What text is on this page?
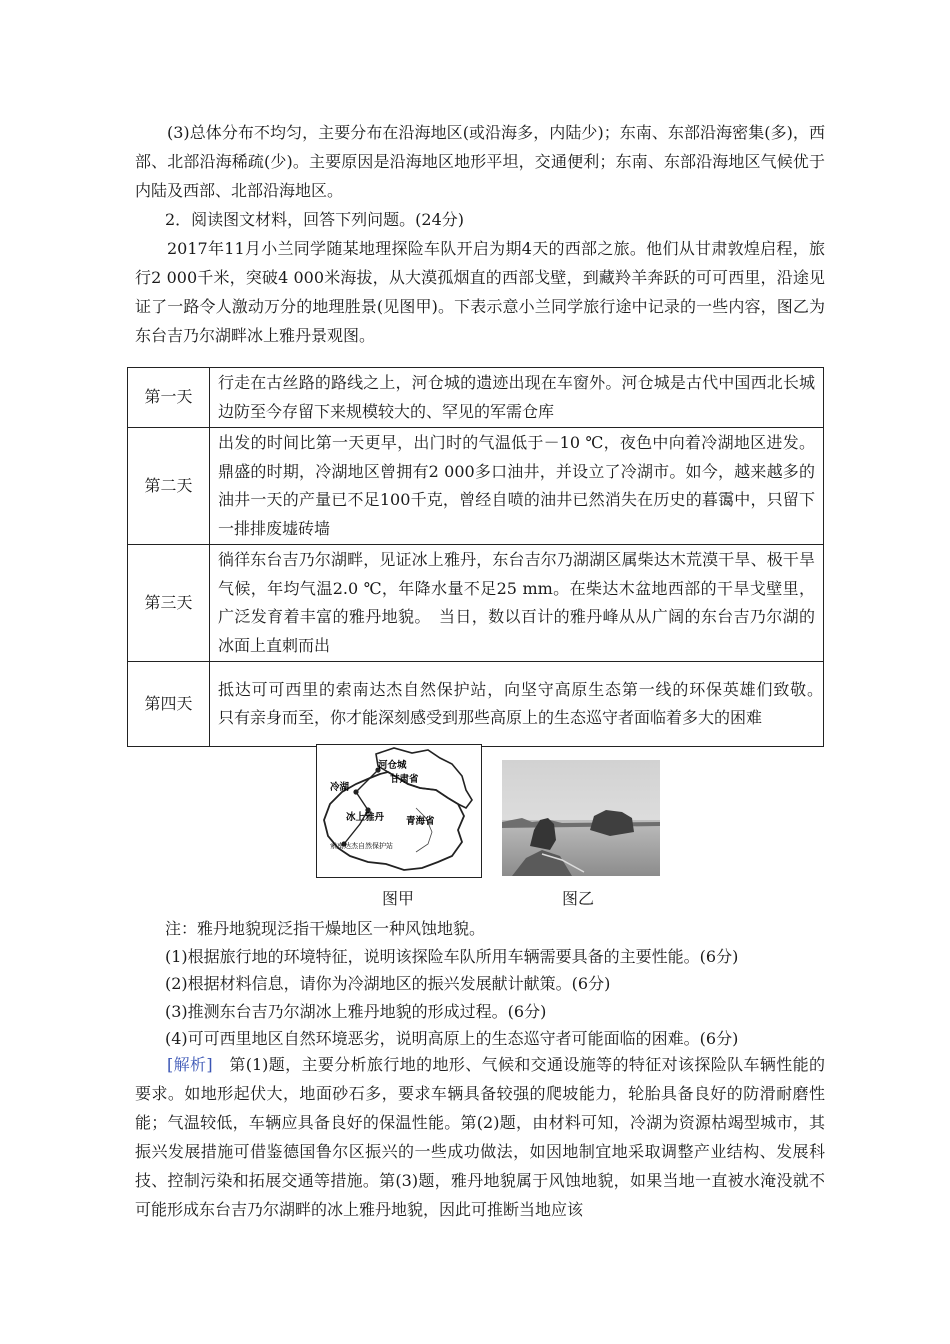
(3)总体分布不均匀，主要分布在沿海地区(或沿海多，内陆少)；东南、东部沿海密集(多)，西部、北部沿海稀疏(少)。主要原因是沿海地区地形平坦，交通便利；东南、东部沿海地区气候优于内陆及西部、北部沿海地区。

2．阅读图文材料，回答下列问题。(24分)

2017年11月小兰同学随某地理探险车队开启为期4天的西部之旅。他们从甘肃敦煌启程，旅行2 000千米，突破4 000米海拔，从大漠孤烟直的西部戈壁，到藏羚羊奔跃的可可西里，沿途见证了一路令人激动万分的地理胜景(见图甲)。下表示意小兰同学旅行途中记录的一些内容，图乙为东台吉乃尔湖畔冰上雅丹景观图。

第一天	行走在古丝路的路线之上，河仓城的遗迹出现在车窗外。河仓城是古代中国西北长城边防至今存留下来规模较大的、罕见的军需仓库
第二天	出发的时间比第一天更早，出门时的气温低于－10 ℃，夜色中向着冷湖地区进发。鼎盛的时期，冷湖地区曾拥有2 000多口油井，并设立了冷湖市。如今，越来越多的油井一天的产量已不足100千克，曾经自喷的油井已然消失在历史的暮霭中，只留下一排排废墟砖墙
第三天	徜徉东台吉乃尔湖畔，见证冰上雅丹，东台吉尔乃湖湖区属柴达木荒漠干旱、极干旱气候，年均气温2.0 ℃，年降水量不足25 mm。在柴达木盆地西部的干旱戈壁里，广泛发育着丰富的雅丹地貌。　当日，数以百计的雅丹峰从从广阔的东台吉乃尔湖的冰面上直刺而出
第四天	抵达可可西里的索南达杰自然保护站，向坚守高原生态第一线的环保英雄们致敬。　只有亲身而至，你才能深刻感受到那些高原上的生态巡守者面临着多大的困难
河仓城
甘肃省
冷湖
冰上雅丹 青海省
索南达杰自然保护站
图甲	图乙

注：雅丹地貌现泛指干燥地区一种风蚀地貌。

(1)根据旅行地的环境特征，说明该探险车队所用车辆需要具备的主要性能。(6分)

(2)根据材料信息，请你为冷湖地区的振兴发展献计献策。(6分)

(3)推测东台吉乃尔湖冰上雅丹地貌的形成过程。(6分)

(4)可可西里地区自然环境恶劣，说明高原上的生态巡守者可能面临的困难。(6分)

[解析]　第(1)题，主要分析旅行地的地形、气候和交通设施等的特征对该探险队车辆性能的要求。如地形起伏大，地面砂石多，要求车辆具备较强的爬坡能力，轮胎具备良好的防滑耐磨性能；气温较低，车辆应具备良好的保温性能。第(2)题，由材料可知，冷湖为资源枯竭型城市，其振兴发展措施可借鉴德国鲁尔区振兴的一些成功做法，如因地制宜地采取调整产业结构、发展科技、控制污染和拓展交通等措施。第(3)题，雅丹地貌属于风蚀地貌，如果当地一直被水淹没就不可能形成东台吉乃尔湖畔的冰上雅丹地貌，因此可推断当地应该
